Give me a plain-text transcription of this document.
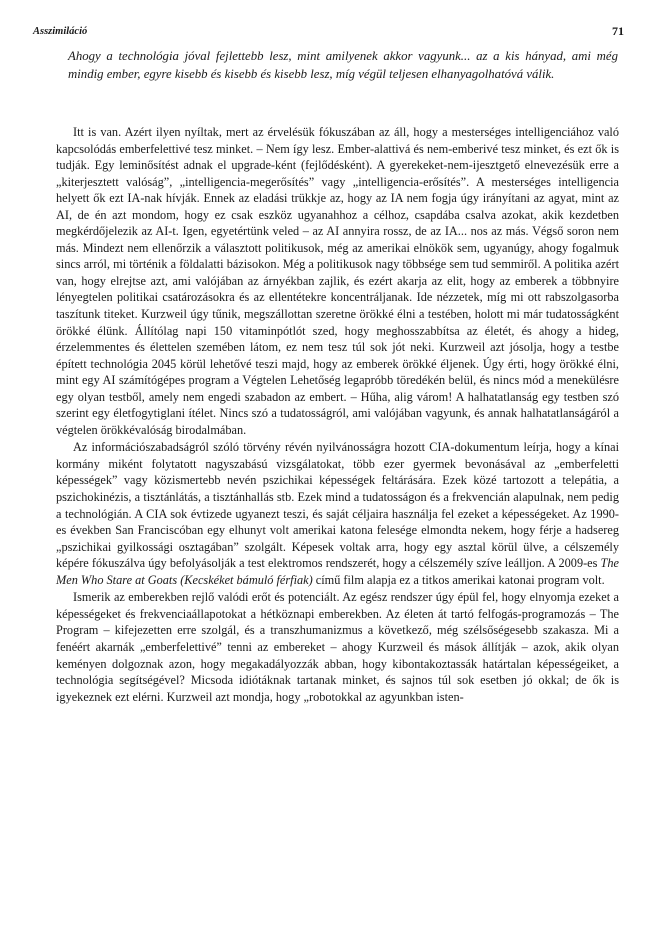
Asszimiláció	71
Ahogy a technológia jóval fejlettebb lesz, mint amilyenek akkor vagyunk... az a kis hányad, ami még mindig ember, egyre kisebb és kisebb és kisebb lesz, míg végül teljesen elhanyagolhatóvá válik.

Itt is van. Azért ilyen nyíltak, mert az érvelésük fókuszában az áll, hogy a mesterséges intelligenciához való kapcsolódás emberfelettivé tesz minket. – Nem így lesz. Ember-alattivá és nem-emberivé tesz minket, és ezt ők is tudják. Egy leminősítést adnak el upgrade-ként (fejlődésként). A gyerekeket-nem-ijesztgető elnevezésük erre a „kiterjesztett valóság”, „intelligencia-megerősítés” vagy „intelligencia-erősítés”. A mesterséges intelligencia helyett ők ezt IA-nak hívják. Ennek az eladási trükkje az, hogy az IA nem fogja úgy irányítani az agyat, mint az AI, de én azt mondom, hogy ez csak eszköz ugyanahhoz a célhoz, csapdába csalva azokat, akik kezdetben megkérdőjelezik az AI-t. Igen, egyetértünk veled – az AI annyira rossz, de az IA... nos az más. Végső soron nem más. Mindezt nem ellenőrzik a választott politikusok, még az amerikai elnökök sem, ugyanúgy, ahogy fogalmuk sincs arról, mi történik a földalatti bázisokon. Még a politikusok nagy többsége sem tud semmiről. A politika azért van, hogy elrejtse azt, ami valójában az árnyékban zajlik, és ezért akarja az elit, hogy az emberek a többnyire lényegtelen politikai csatározásokra és az ellentétekre koncentráljanak. Ide nézzetek, míg mi ott rabszolgasorba taszítunk titeket. Kurzweil úgy tűnik, megszállottan szeretne örökké élni a testében, holott mi már tudatosságként örökké élünk. Állítólag napi 150 vitaminpótlót szed, hogy meghosszabbítsa az életét, és ahogy a hideg, érzelemmentes és élettelen szemében látom, ez nem tesz túl sok jót neki. Kurzweil azt jósolja, hogy a testbe épített technológia 2045 körül lehetővé teszi majd, hogy az emberek örökké éljenek. Úgy érti, hogy örökké élni, mint egy AI számítógépes program a Végtelen Lehetőség legapróbb töredékén belül, és nincs mód a menekülésre egy olyan testből, amely nem engedi szabadon az embert. – Hűha, alig várom! A halhatatlanság egy testben szó szerint egy életfogytiglani ítélet. Nincs szó a tudatosságról, ami valójában vagyunk, és annak halhatatlanságáról a végtelen örökkévalóság birodalmában.

Az információszabadságról szóló törvény révén nyilvánosságra hozott CIA-dokumentum leírja, hogy a kínai kormány miként folytatott nagyszabású vizsgálatokat, több ezer gyermek bevonásával az „emberfeletti képességek” vagy közismertebb nevén pszichikai képességek feltárására. Ezek közé tartozott a telepátia, a pszichokinézis, a tisztánlátás, a tisztánhallás stb. Ezek mind a tudatosságon és a frekvencián alapulnak, nem pedig a technológián. A CIA sok évtizede ugyanezt teszi, és saját céljaira használja fel ezeket a képességeket. Az 1990-es években San Franciscóban egy elhunyt volt amerikai katona felesége elmondta nekem, hogy férje a hadsereg „pszichikai gyilkossági osztagában” szolgált. Képesek voltak arra, hogy egy asztal körül ülve, a célszemély képére fókuszálva úgy befolyásolják a test elektromos rendszerét, hogy a célszemély szíve leálljon. A 2009-es The Men Who Stare at Goats (Kecskéket bámuló férfiak) című film alapja ez a titkos amerikai katonai program volt.

Ismerik az emberekben rejlő valódi erőt és potenciált. Az egész rendszer úgy épül fel, hogy elnyomja ezeket a képességeket és frekvenciaállapotokat a hétköznapi emberekben. Az életen át tartó felfogás-programozás – The Program – kifejezetten erre szolgál, és a transzhumanizmus a következő, még szélsőségesebb szakasza. Mi a fenéért akarnák „emberfelettivé” tenni az embereket – ahogy Kurzweil és mások állítják – azok, akik olyan keményen dolgoznak azon, hogy megakadályozzák abban, hogy kibontakoztassák határtalan képességeiket, a technológia segítségével? Micsoda idiótáknak tartanak minket, és sajnos túl sok esetben jó okkal; de ők is igyekeznek ezt elérni. Kurzweil azt mondja, hogy „robotokkal az agyunkban isten-
